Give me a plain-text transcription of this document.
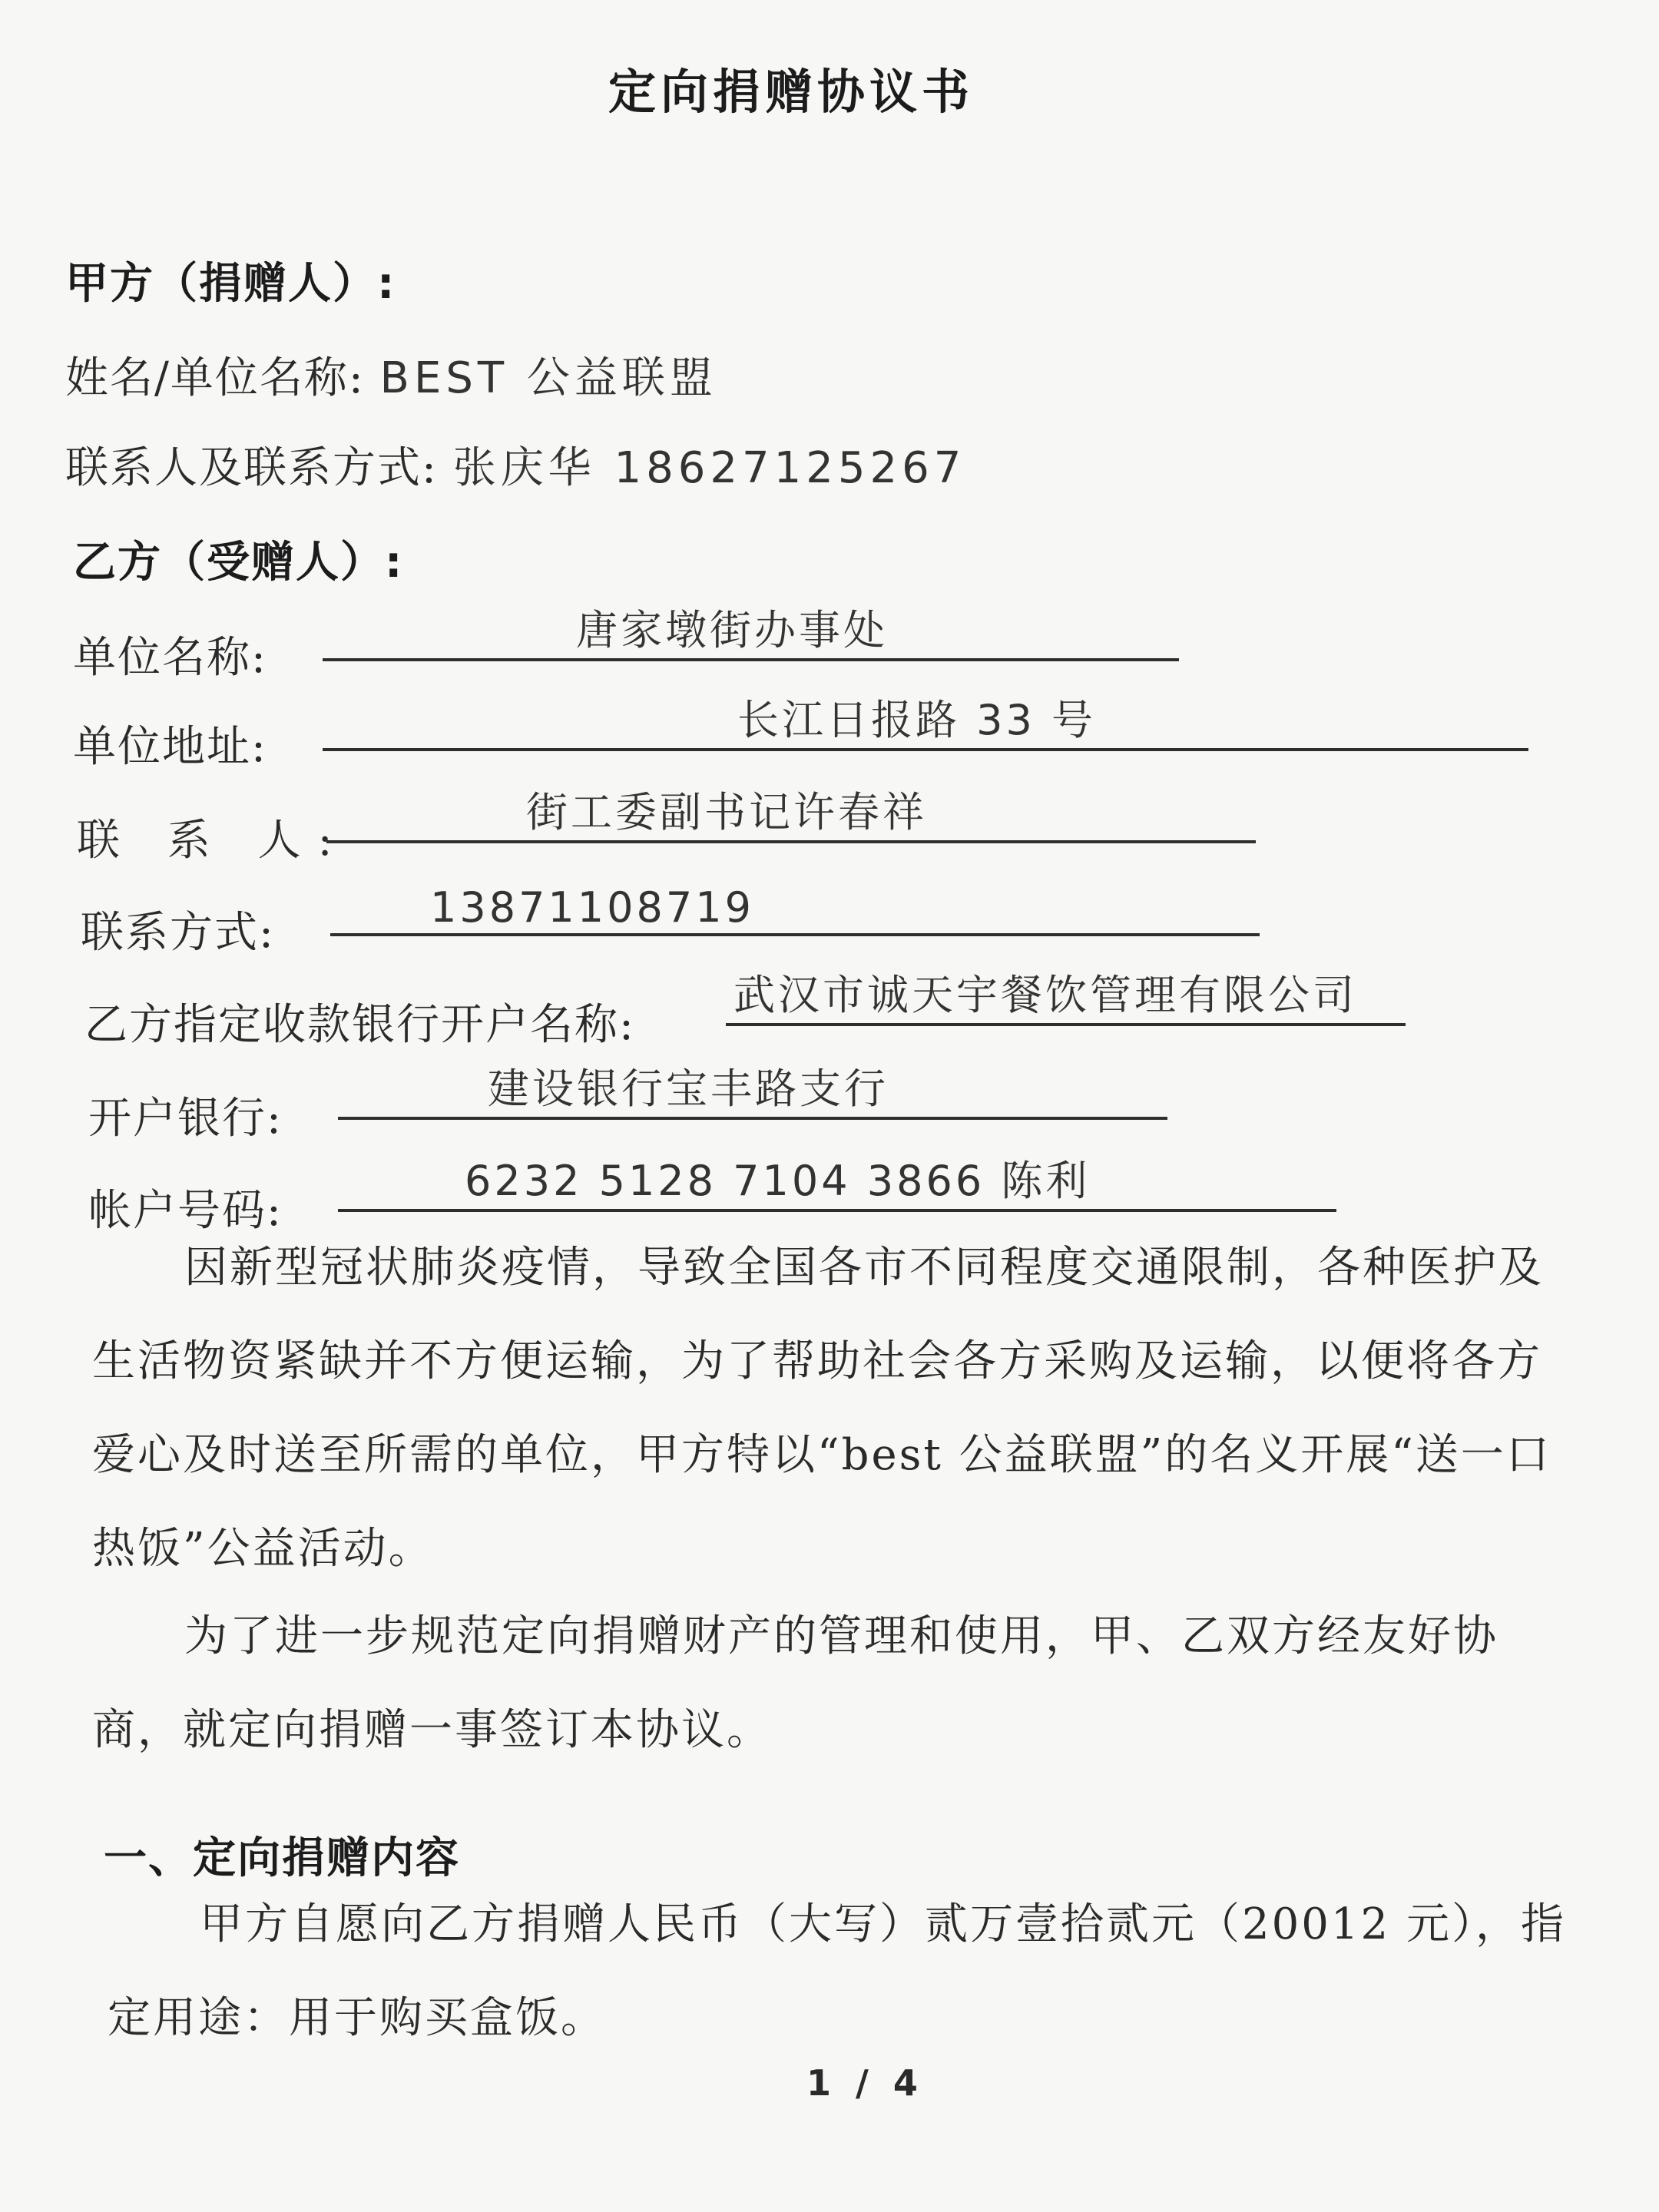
定向捐赠协议书
甲方（捐赠人）:
姓名/单位名称: BEST 公益联盟
联系人及联系方式: 张庆华 18627125267
乙方（受赠人）:
单位名称:
唐家墩街办事处
单位地址:
长江日报路 33 号
联 系 人:
街工委副书记许春祥
联系方式:
13871108719
乙方指定收款银行开户名称:
武汉市诚天宇餐饮管理有限公司
开户银行:
建设银行宝丰路支行
帐户号码:
6232 5128 7104 3866 陈利
因新型冠状肺炎疫情，导致全国各市不同程度交通限制，各种医护及生活物资紧缺并不方便运输，为了帮助社会各方采购及运输，以便将各方爱心及时送至所需的单位，甲方特以“best 公益联盟”的名义开展“送一口热饭”公益活动。
为了进一步规范定向捐赠财产的管理和使用，甲、乙双方经友好协商，就定向捐赠一事签订本协议。
一、定向捐赠内容
甲方自愿向乙方捐赠人民币（大写）贰万壹拾贰元（20012 元），指定用途：用于购买盒饭。
1 / 4
